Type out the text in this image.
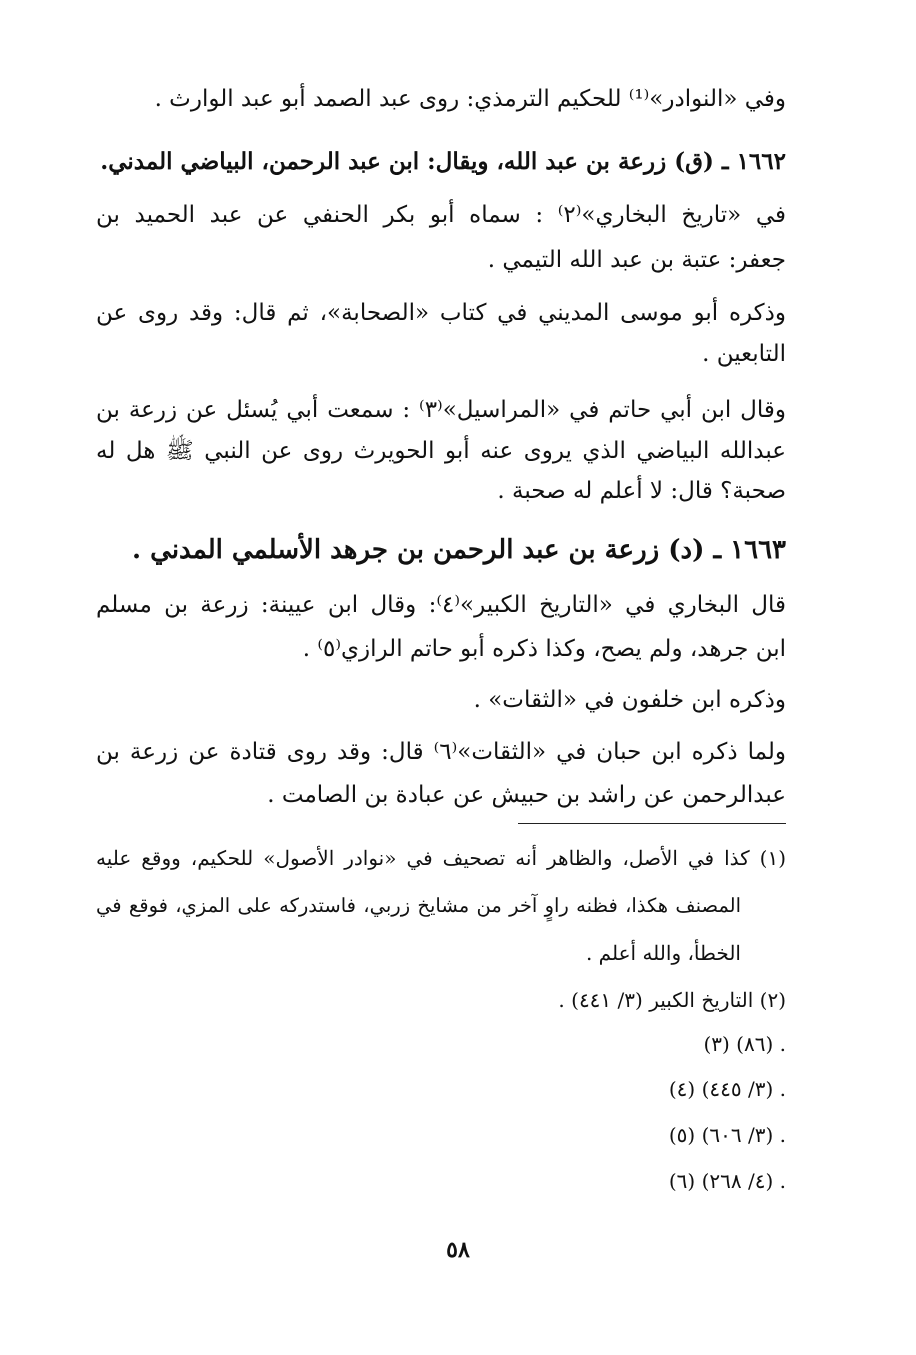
وفي «النوادر»⁽¹⁾ للحكيم الترمذي: روى عبد الصمد أبو عبد الوارث .
١٦٦٢ ـ (ق) زرعة بن عبد الله، ويقال: ابن عبد الرحمن، البياضي المدني.
في «تاريخ البخاري»⁽٢⁾ : سماه أبو بكر الحنفي عن عبد الحميد بن
جعفر: عتبة بن عبد الله التيمي .
وذكره أبو موسى المديني في كتاب «الصحابة»، ثم قال: وقد روى عن
التابعين .
وقال ابن أبي حاتم في «المراسيل»⁽٣⁾ : سمعت أبي يُسئل عن زرعة بن
عبدالله البياضي الذي يروى عنه أبو الحويرث روى عن النبي ﷺ هل له
صحبة؟ قال: لا أعلم له صحبة .
١٦٦٣ ـ (د) زرعة بن عبد الرحمن بن جرهد الأسلمي المدني .
قال البخاري في «التاريخ الكبير»⁽٤⁾: وقال ابن عيينة: زرعة بن مسلم
ابن جرهد، ولم يصح، وكذا ذكره أبو حاتم الرازي⁽٥⁾ .
وذكره ابن خلفون في «الثقات» .
ولما ذكره ابن حبان في «الثقات»⁽٦⁾ قال: وقد روى قتادة عن زرعة بن
عبدالرحمن عن راشد بن حبيش عن عبادة بن الصامت .
(١) كذا في الأصل، والظاهر أنه تصحيف في «نوادر الأصول» للحكيم، ووقع عليه
المصنف هكذا، فظنه راوٍ آخر من مشايخ زربي، فاستدركه على المزي، فوقع في
الخطأ، والله أعلم .
(٢) التاريخ الكبير (٣/ ٤٤١) .
(٣) (٨٦) .
(٤) (٣/ ٤٤٥) .
(٥) (٣/ ٦٠٦) .
(٦) (٤/ ٢٦٨) .
٥٨
